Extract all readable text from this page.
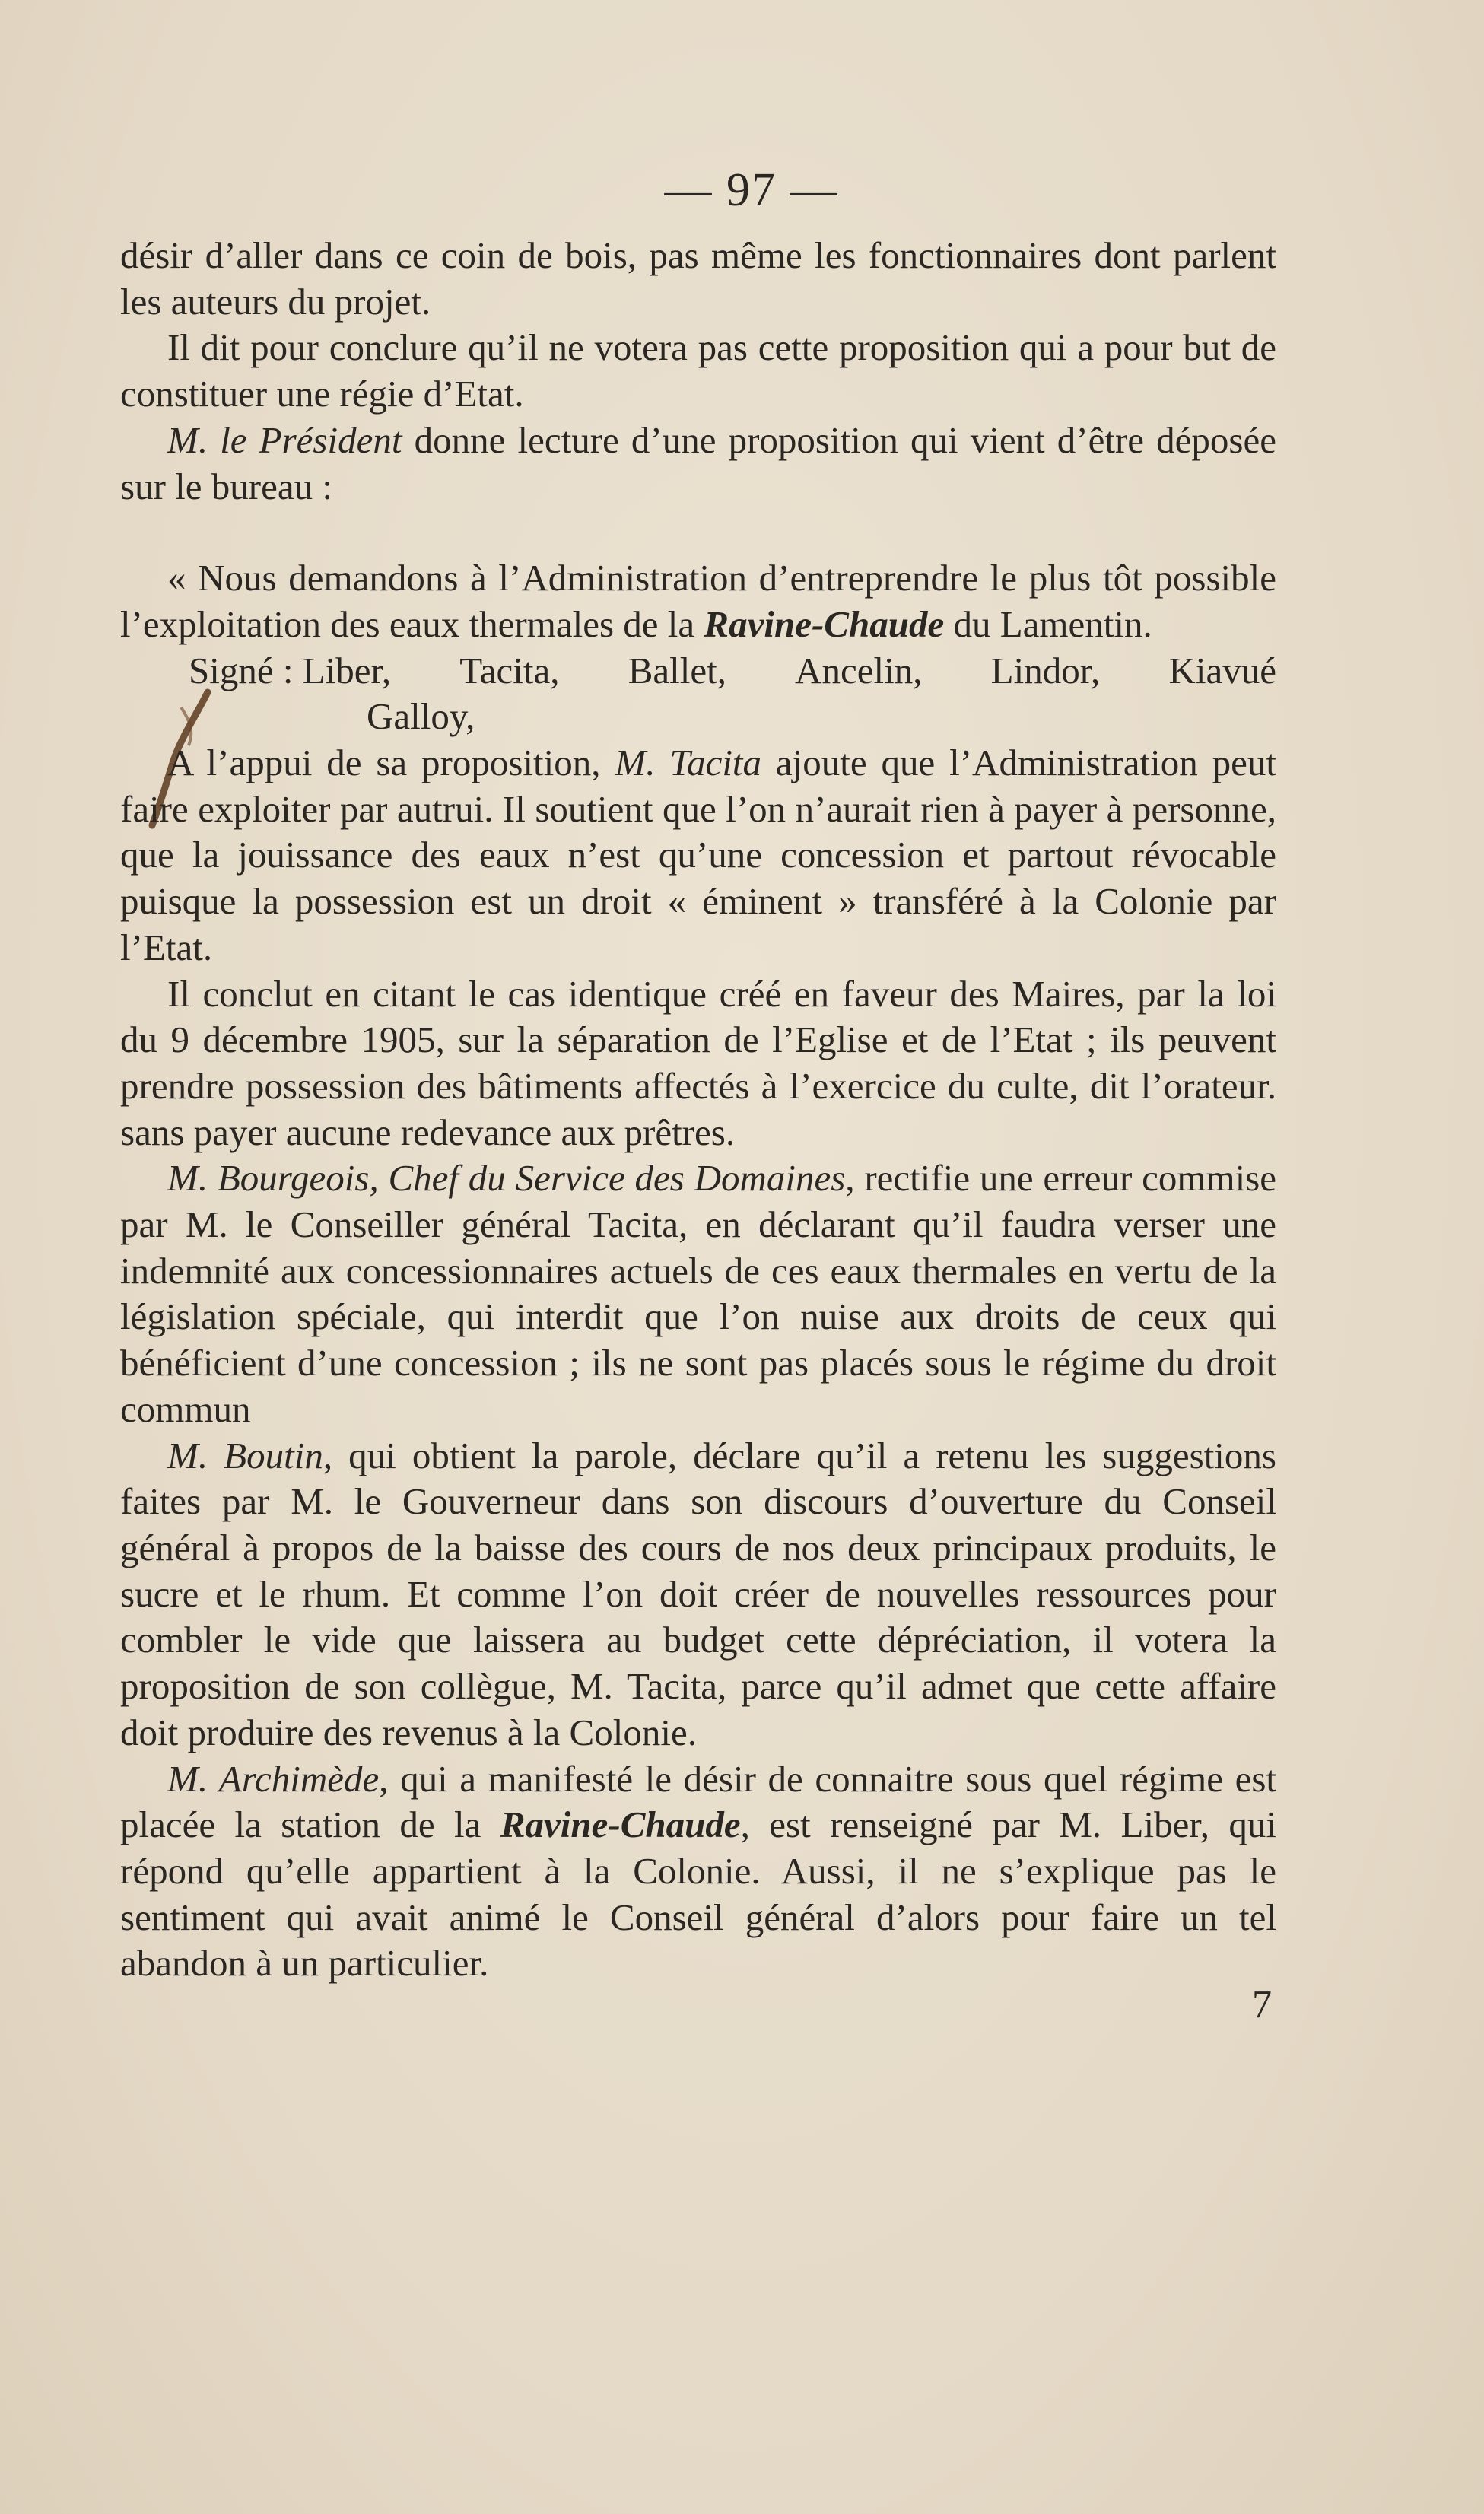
— 97 —

désir d’aller dans ce coin de bois, pas même les fonctionnaires dont parlent les auteurs du projet.

Il dit pour conclure qu’il ne votera pas cette proposition qui a pour but de constituer une régie d’Etat.

M. le Président donne lecture d’une proposition qui vient d’être déposée sur le bureau :

« Nous demandons à l’Administration d’entreprendre le plus tôt possible l’exploitation des eaux thermales de la Ravine-Chaude du Lamentin.

Signé : Liber, Tacita, Ballet, Ancelin, Lindor, Kiavué
Galloy,

A l’appui de sa proposition, M. Tacita ajoute que l’Administration peut faire exploiter par autrui. Il soutient que l’on n’aurait rien à payer à personne, que la jouissance des eaux n’est qu’une concession et partout révocable puisque la possession est un droit « éminent » transféré à la Colonie par l’Etat.

Il conclut en citant le cas identique créé en faveur des Maires, par la loi du 9 décembre 1905, sur la séparation de l’Eglise et de l’Etat ; ils peuvent prendre possession des bâtiments affectés à l’exercice du culte, dit l’orateur. sans payer aucune redevance aux prêtres.

M. Bourgeois, Chef du Service des Domaines, rectifie une erreur commise par M. le Conseiller général Tacita, en déclarant qu’il faudra verser une indemnité aux concessionnaires actuels de ces eaux thermales en vertu de la législation spéciale, qui interdit que l’on nuise aux droits de ceux qui bénéficient d’une concession ; ils ne sont pas placés sous le régime du droit commun

M. Boutin, qui obtient la parole, déclare qu’il a retenu les suggestions faites par M. le Gouverneur dans son discours d’ouverture du Conseil général à propos de la baisse des cours de nos deux principaux produits, le sucre et le rhum. Et comme l’on doit créer de nouvelles ressources pour combler le vide que laissera au budget cette dépréciation, il votera la proposition de son collègue, M. Tacita, parce qu’il admet que cette affaire doit produire des revenus à la Colonie.

M. Archimède, qui a manifesté le désir de connaitre sous quel régime est placée la station de la Ravine-Chaude, est renseigné par M. Liber, qui répond qu’elle appartient à la Colonie. Aussi, il ne s’explique pas le sentiment qui avait animé le Conseil général d’alors pour faire un tel abandon à un particulier.

7
